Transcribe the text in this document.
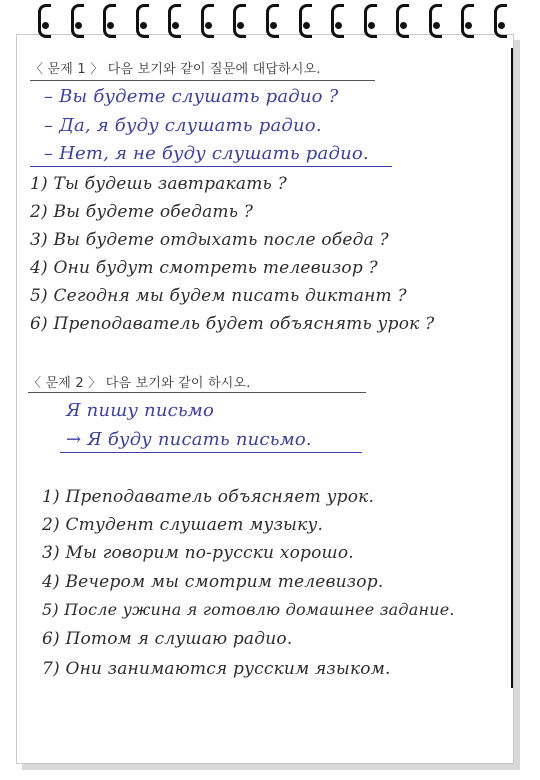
〈 문제 1 〉 다음 보기와 같이 질문에 대답하시오.
– Вы будете слушать радио ?
– Да, я буду слушать радио.
– Нет, я не буду слушать радио.
1) Ты будешь завтракать ?
2) Вы будете обедать ?
3) Вы будете отдыхать после обеда ?
4) Они будут смотреть телевизор ?
5) Сегодня мы будем писать диктант ?
6) Преподаватель будет объяснять урок ?
〈 문제 2 〉 다음 보기와 같이 하시오.
Я пишу письмо
→ Я буду писать письмо.
1) Преподаватель объясняет урок.
2) Студент слушает музыку.
3) Мы говорим по-русски хорошо.
4) Вечером мы смотрим телевизор.
5) После ужина я готовлю домашнее задание.
6) Потом я слушаю радио.
7) Они занимаются русским языком.
